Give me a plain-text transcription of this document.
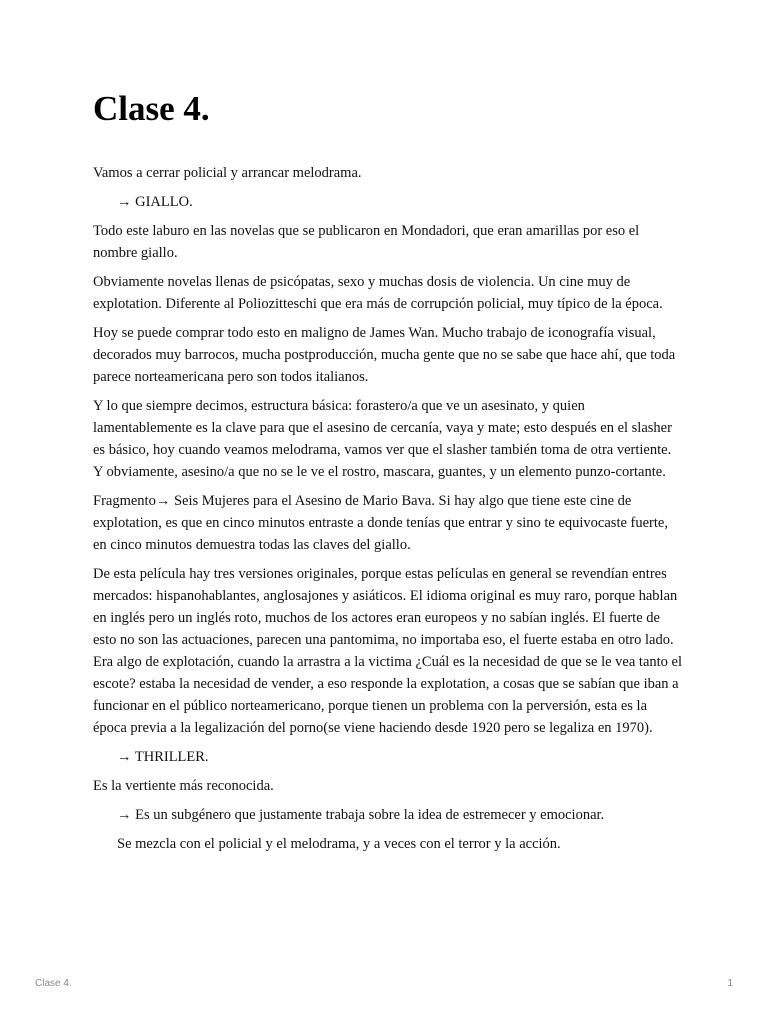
Clase 4.

Vamos a cerrar policial y arrancar melodrama.

→ GIALLO.

Todo este laburo en las novelas que se publicaron en Mondadori, que eran amarillas por eso el nombre giallo.

Obviamente novelas llenas de psicópatas, sexo y muchas dosis de violencia. Un cine muy de explotation. Diferente al Poliozitteschi que era más de corrupción policial, muy típico de la época.

Hoy se puede comprar todo esto en maligno de James Wan. Mucho trabajo de iconografía visual, decorados muy barrocos, mucha postproducción, mucha gente que no se sabe que hace ahí, que toda parece norteamericana pero son todos italianos.

Y lo que siempre decimos, estructura básica: forastero/a que ve un asesinato, y quien lamentablemente es la clave para que el asesino de cercanía, vaya y mate; esto después en el slasher es básico, hoy cuando veamos melodrama, vamos ver que el slasher también toma de otra vertiente. Y obviamente, asesino/a que no se le ve el rostro, mascara, guantes, y un elemento punzo-cortante.

Fragmento→ Seis Mujeres para el Asesino de Mario Bava. Si hay algo que tiene este cine de explotation, es que en cinco minutos entraste a donde tenías que entrar y sino te equivocaste fuerte, en cinco minutos demuestra todas las claves del giallo.

De esta película hay tres versiones originales, porque estas películas en general se revendían entres mercados: hispanohablantes, anglosajones y asiáticos. El idioma original es muy raro, porque hablan en inglés pero un inglés roto, muchos de los actores eran europeos y no sabían inglés. El fuerte de esto no son las actuaciones, parecen una pantomima, no importaba eso, el fuerte estaba en otro lado. Era algo de explotación, cuando la arrastra a la victima ¿Cuál es la necesidad de que se le vea tanto el escote? estaba la necesidad de vender, a eso responde la explotation, a cosas que se sabían que iban a funcionar en el público norteamericano, porque tienen un problema con la perversión, esta es la época previa a la legalización del porno(se viene haciendo desde 1920 pero se legaliza en 1970).

→ THRILLER.

Es la vertiente más reconocida.

→ Es un subgénero que justamente trabaja sobre la idea de estremecer y emocionar.

Se mezcla con el policial y el melodrama, y a veces con el terror y la acción.

Clase 4.	1
